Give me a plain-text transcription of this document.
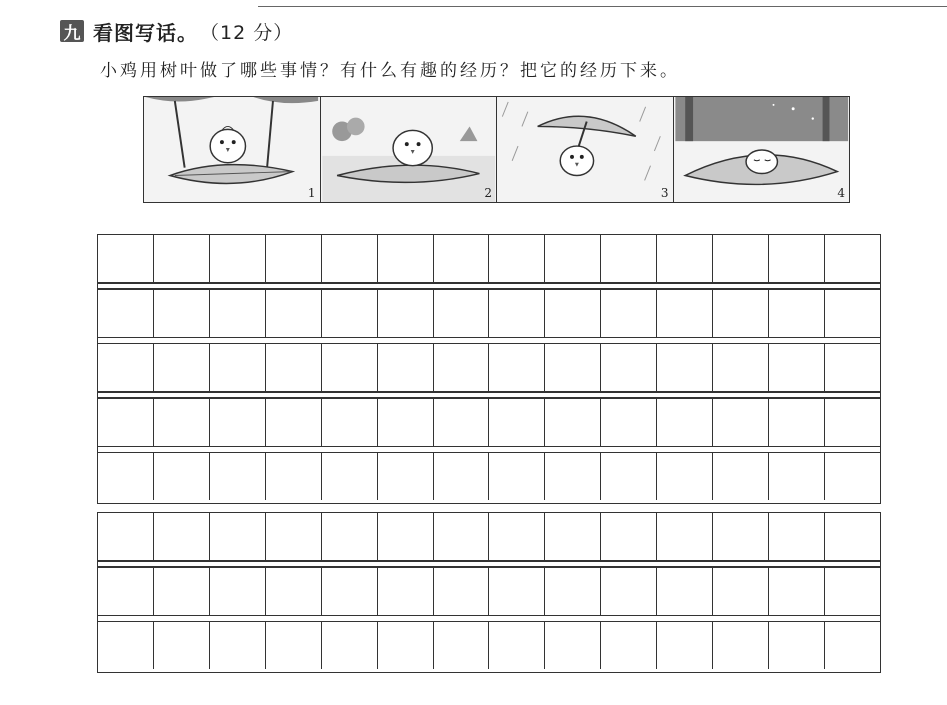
九 看图写话。 （12 分）
小鸡用树叶做了哪些事情？有什么有趣的经历？把它的经历下来。
1	2	3	4
